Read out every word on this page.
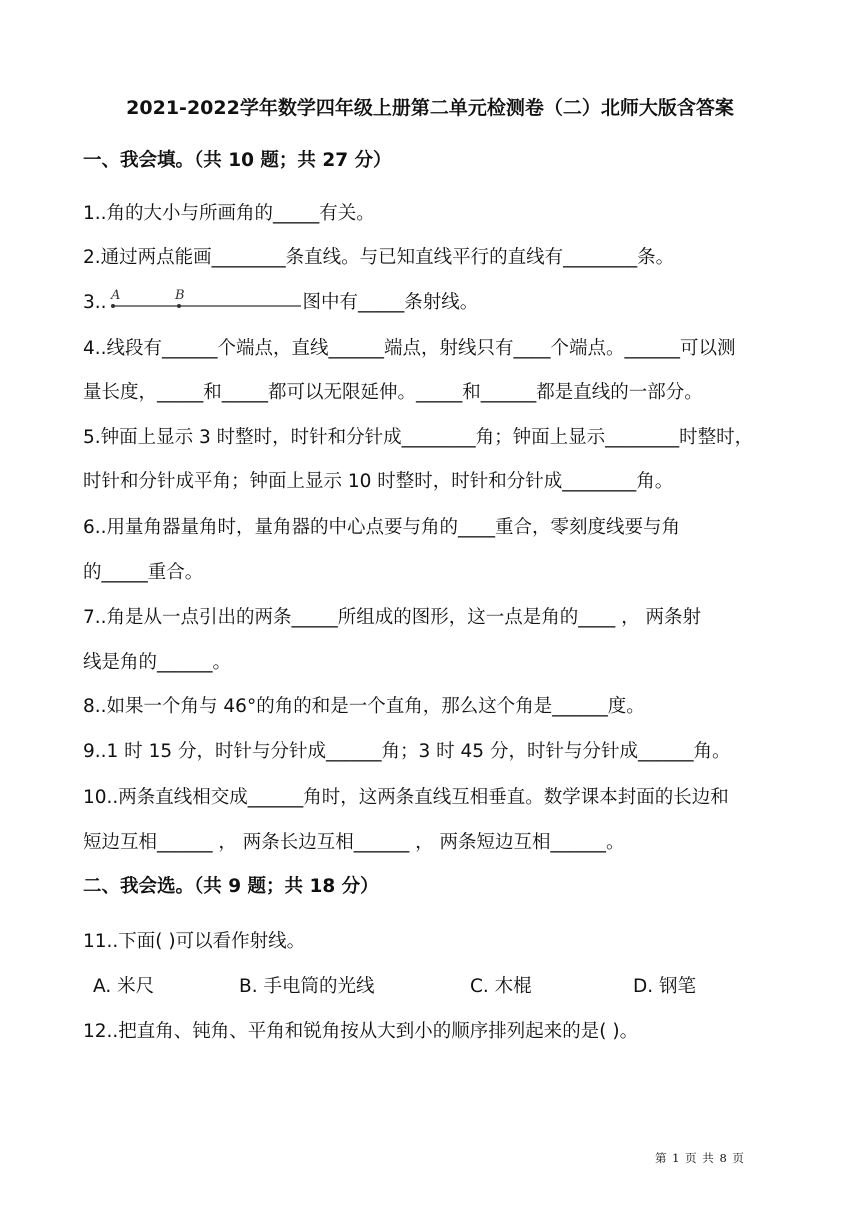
2021-2022学年数学四年级上册第二单元检测卷（二）北师大版含答案
一、我会填。（共 10 题；共 27 分）
1..角的大小与所画角的_____有关。
2.通过两点能画________条直线。与已知直线平行的直线有________条。
3.. A	B	图中有_____条射线。
4..线段有______个端点，直线______端点，射线只有____个端点。______可以测
量长度，_____和_____都可以无限延伸。_____和______都是直线的一部分。
5.钟面上显示 3 时整时，时针和分针成________角；钟面上显示________时整时，
时针和分针成平角；钟面上显示 10 时整时，时针和分针成________角。
6..用量角器量角时，量角器的中心点要与角的____重合，零刻度线要与角
的_____重合。
7..角是从一点引出的两条_____所组成的图形，这一点是角的____ ， 两条射
线是角的______。
8..如果一个角与 46°的角的和是一个直角，那么这个角是______度。
9..1 时 15 分，时针与分针成______角；3 时 45 分，时针与分针成______角。
10..两条直线相交成______角时，这两条直线互相垂直。数学课本封面的长边和
短边互相______ ， 两条长边互相______ ， 两条短边互相______。
二、我会选。（共 9 题；共 18 分）
11..下面( )可以看作射线。
A. 米尺	B. 手电筒的光线	C. 木棍	D. 钢笔
12..把直角、钝角、平角和锐角按从大到小的顺序排列起来的是( )。
第 1 页 共 8 页
